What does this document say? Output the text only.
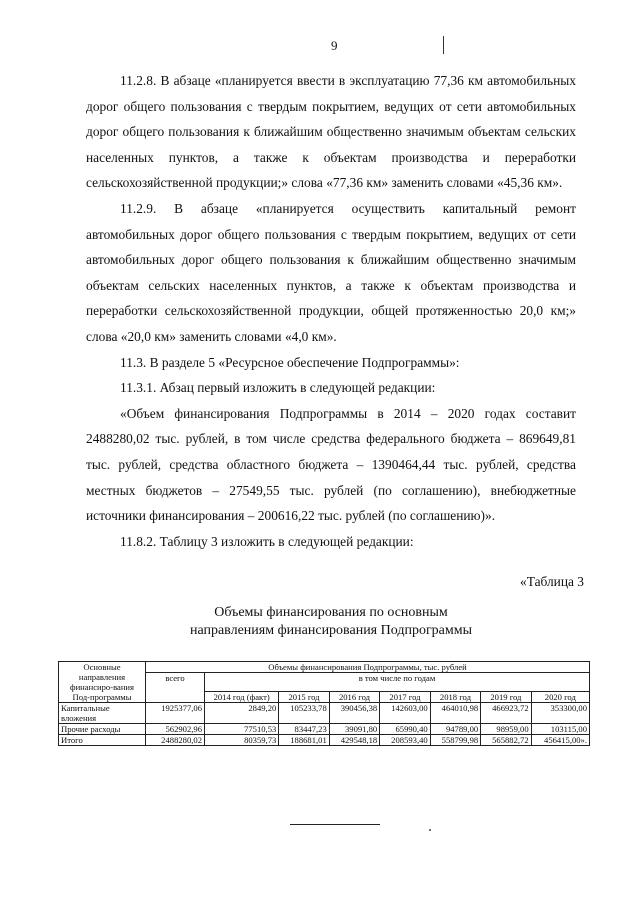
9

11.2.8. В абзаце «планируется ввести в эксплуатацию 77,36 км автомобильных дорог общего пользования с твердым покрытием, ведущих от сети автомобильных дорог общего пользования к ближайшим общественно значимым объектам сельских населенных пунктов, а также к объектам производства и переработки сельскохозяйственной продукции;» слова «77,36 км» заменить словами «45,36 км».

11.2.9. В абзаце «планируется осуществить капитальный ремонт автомобильных дорог общего пользования с твердым покрытием, ведущих от сети автомобильных дорог общего пользования к ближайшим общественно значимым объектам сельских населенных пунктов, а также к объектам производства и переработки сельскохозяйственной продукции, общей протяженностью 20,0 км;» слова «20,0 км» заменить словами «4,0 км».

11.3. В разделе 5 «Ресурсное обеспечение Подпрограммы»:

11.3.1. Абзац первый изложить в следующей редакции:

«Объем финансирования Подпрограммы в 2014 – 2020 годах составит 2488280,02 тыс. рублей, в том числе средства федерального бюджета – 869649,81 тыс. рублей, средства областного бюджета – 1390464,44 тыс. рублей, средства местных бюджетов – 27549,55 тыс. рублей (по соглашению), внебюджетные источники финансирования – 200616,22 тыс. рублей (по соглашению)».

11.8.2. Таблицу 3 изложить в следующей редакции:

«Таблица 3
Объемы финансирования по основным
направлениям финансирования Подпрограммы
Основные направления финансиро-вания Под-программы	Объемы финансирования Подпрограммы, тыс. рублей							
	всего	в том числе по годам						
		2014 год (факт)	2015 год	2016 год	2017 год	2018 год	2019 год	2020 год
Капитальные вложения	1925377,06	2849,20	105233,78	390456,38	142603,00	464010,98	466923,72	353300,00
Прочие расходы	562902,96	77510,53	83447,23	39091,80	65990,40	94789,00	98959,00	103115,00
Итого	2488280,02	80359,73	188681,01	429548,18	208593,40	558799,98	565882,72	456415,00».
